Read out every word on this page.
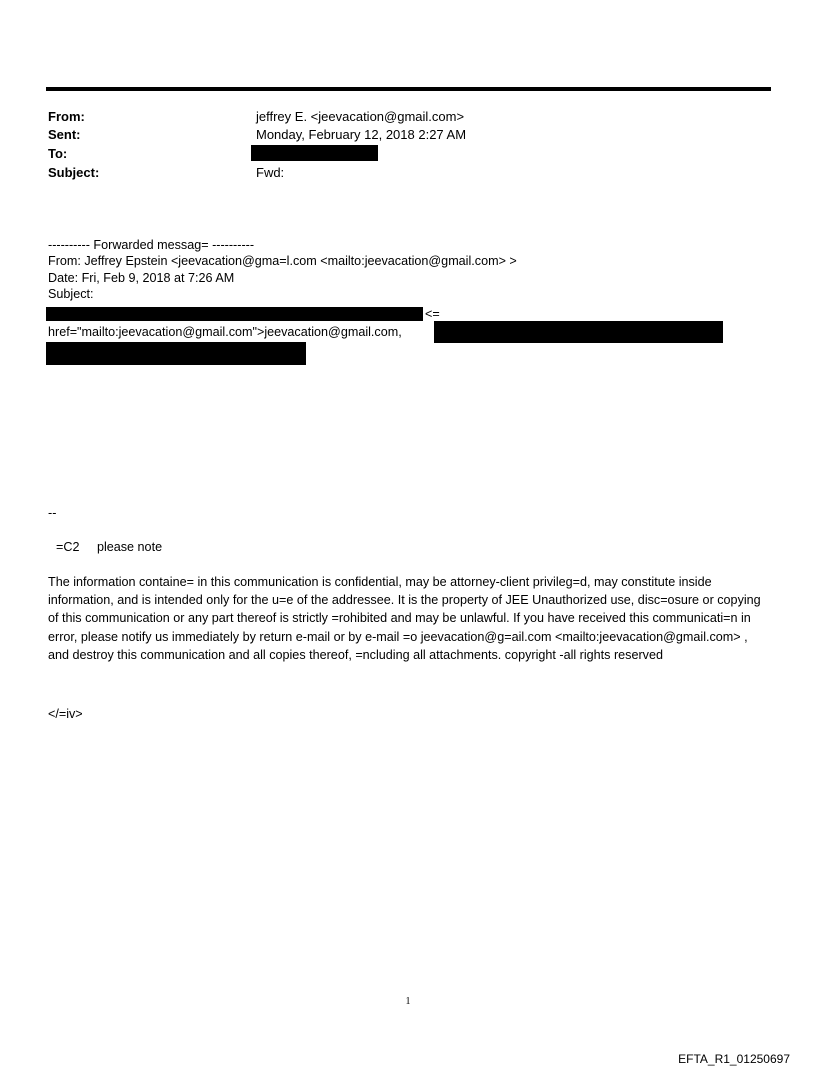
From:	jeffrey E. <jeevacation@gmail.com>
Sent:	Monday, February 12, 2018 2:27 AM
To:
Subject:	Fwd:
---------- Forwarded messag= ----------
From: Jeffrey Epstein <jeevacation@gma=l.com <mailto:jeevacation@gmail.com> >
Date: Fri, Feb 9, 2018 at 7:26 AM
Subject:
<=
href="mailto:jeevacation@gmail.com">jeevacation@gmail.com,
--
=C2     please note
The information containe= in this communication is confidential, may be attorney-client privileg=d, may constitute inside information, and is intended only for the u=e of the addressee. It is the property of JEE Unauthorized use, disc=osure or copying of this communication or any part thereof is strictly =rohibited and may be unlawful. If you have received this communicati=n in error, please notify us immediately by return e-mail or by e-mail =o jeevacation@g=ail.com <mailto:jeevacation@gmail.com> , and destroy this communication and all copies thereof, =ncluding all attachments. copyright -all rights reserved
</=iv>
1
EFTA_R1_01250697
